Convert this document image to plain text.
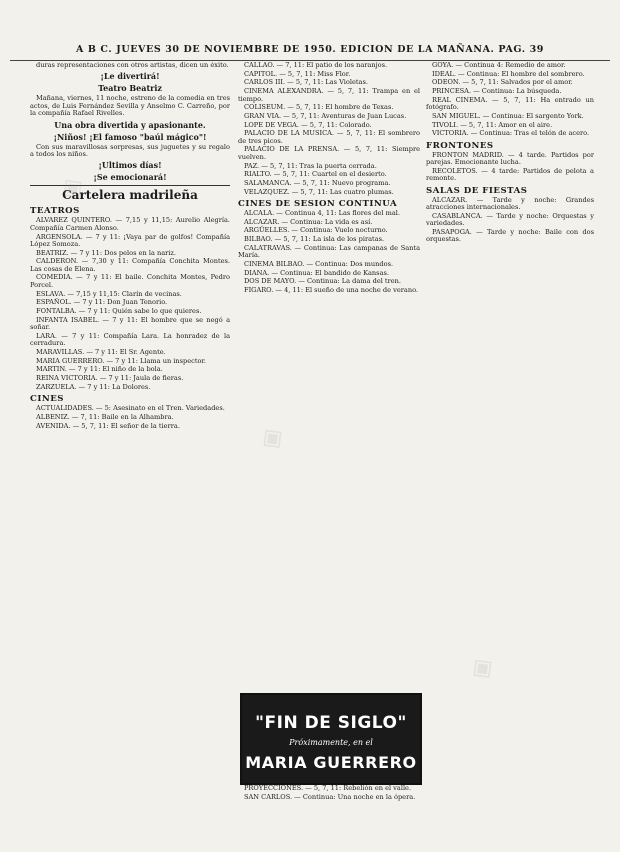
A B C. JUEVES 30 DE NOVIEMBRE DE 1950. EDICION DE LA MAÑANA. PAG. 39
duras representaciones con otros artistas, dicen un éxito.
¡Le divertirá!
Teatro Beatriz
Mañana, viernes, 11 noche, estreno de la comedia en tres actos, de Luis Fernández Sevilla y Anselmo C. Carreño, por la compañía Rafael Rivelles.
Una obra divertida y apasionante.
¡Niños! ¡El famoso "baúl mágico"!
Con sus maravillosas sorpresas, sus juguetes y su regalo a todos los niños.
¡Ultimos días!
¡Se emocionará!
Cartelera madrileña
TEATROS
ALVAREZ QUINTERO. — 7,15 y 11,15: Aurelio Alegría. Compañía Carmen Alonso.
ARGENSOLA. — 7 y 11: ¡Vaya par de golfos! Compañía López Somoza.
BEATRIZ. — 7 y 11: Dos pelos en la nariz.
CALDERON. — 7,30 y 11: Compañía Conchita Montes. Las cosas de Elena.
COMEDIA. — 7 y 11: El baile. Conchita Montes, Pedro Porcel.
ESLAVA. — 7,15 y 11,15: Clarín de vecinas.
ESPAÑOL. — 7 y 11: Don Juan Tenorio.
FONTALBA. — 7 y 11: Quién sabe lo que quieres.
INFANTA ISABEL. — 7 y 11: El hombre que se negó a soñar.
LARA. — 7 y 11: Compañía Lara. La honradez de la cerradura.
MARAVILLAS. — 7 y 11: El Sr. Agente.
MARIA GUERRERO. — 7 y 11: Llama un inspector.
MARTIN. — 7 y 11: El niño de la bola.
REINA VICTORIA. — 7 y 11: Jaula de fieras.
ZARZUELA. — 7 y 11: La Dolores.
CINES
ACTUALIDADES. — 5: Asesinato en el Tren. Variedades.
ALBENIZ. — 7, 11: Baile en la Alhambra.
AVENIDA. — 5, 7, 11: El señor de la tierra.
CALLAO. — 7, 11: El patio de los naranjos.
CAPITOL. — 5, 7, 11: Miss Flor.
CARLOS III. — 5, 7, 11: Las Violetas.
CINEMA ALEXANDRA. — 5, 7, 11: Trampa en el tiempo.
COLISEUM. — 5, 7, 11: El hombre de Texas.
GRAN VIA. — 5, 7, 11: Aventuras de Juan Lucas.
LOPE DE VEGA. — 5, 7, 11: Colorado.
PALACIO DE LA MUSICA. — 5, 7, 11: El sombrero de tres picos.
PALACIO DE LA PRENSA. — 5, 7, 11: Siempre vuelven.
PAZ. — 5, 7, 11: Tras la puerta cerrada.
RIALTO. — 5, 7, 11: Cuartel en el desierto.
SALAMANCA. — 5, 7, 11: Nuevo programa.
VELAZQUEZ. — 5, 7, 11: Las cuatro plumas.
CINES DE SESION CONTINUA
ALCALA. — Continua 4, 11: Las flores del mal.
ALCAZAR. — Continua: La vida es así.
ARGÜELLES. — Continua: Vuelo nocturno.
BILBAO. — 5, 7, 11: La isla de los piratas.
CALATRAVAS. — Continua: Las campanas de Santa María.
CINEMA BILBAO. — Continua: Dos mundos.
DIANA. — Continua: El bandido de Kansas.
DOS DE MAYO. — Continua: La dama del tren.
FIGARO. — 4, 11: El sueño de una noche de verano.
"FIN DE SIGLO"
Próximamente, en el
MARIA GUERRERO
PROYECCIONES. — 5, 7, 11: Rebelión en el valle.
SAN CARLOS. — Continua: Una noche en la ópera.
GOYA. — Continua 4: Remedio de amor.
IDEAL. — Continua: El hombre del sombrero.
ODEON. — 5, 7, 11: Salvados por el amor.
PRINCESA. — Continua: La búsqueda.
REAL CINEMA. — 5, 7, 11: Ha entrado un fotógrafo.
SAN MIGUEL. — Continua: El sargento York.
TIVOLI. — 5, 7, 11: Amor en el aire.
VICTORIA. — Continua: Tras el telón de acero.
FRONTONES
FRONTON MADRID. — 4 tarde. Partidos por parejas. Emocionante lucha.
RECOLETOS. — 4 tarde: Partidos de pelota a remonte.
SALAS DE FIESTAS
ALCAZAR. — Tarde y noche: Grandes atracciones internacionales.
CASABLANCA. — Tarde y noche: Orquestas y variedades.
PASAPOGA. — Tarde y noche: Baile con dos orquestas.
◈
◈
◈
